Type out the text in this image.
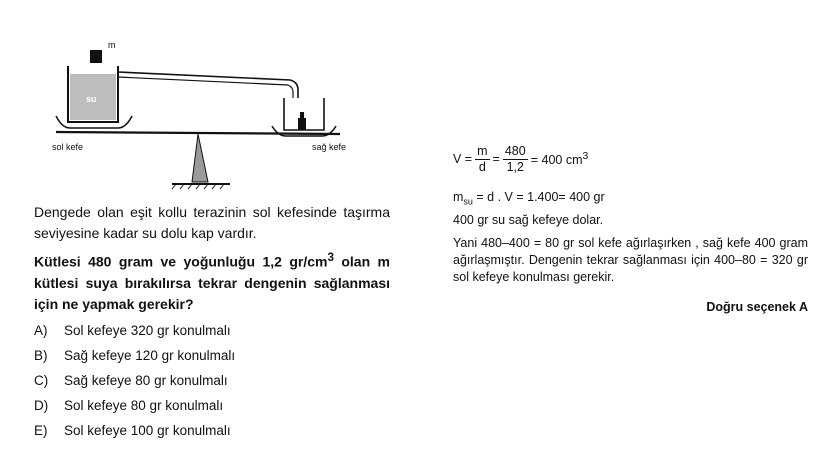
m
su
sol kefe	sağ kefe

Dengede olan eşit kollu terazinin sol kefesinde taşırma seviyesine kadar su dolu kap vardır.

Kütlesi 480 gram ve yoğunluğu 1,2 $gr/cm^3$ olan m kütlesi suya bırakılırsa tekrar dengenin sağlanması için ne yapmak gerekir?

A)	Sol kefeye 320 gr konulmalı
B)	Sağ kefeye 120 gr konulmalı
C)	Sağ kefeye 80 gr konulmalı
D)	Sol kefeye 80 gr konulmalı
E)	Sol kefeye 100 gr konulmalı
$V = \frac{m}{d} = \frac{480}{1,2} = 400$ $cm^3$
$m_{su} = d$ . V = 1.400= 400 gr
400 gr su sağ kefeye dolar.
Yani 480–400 = 80 gr sol kefe ağırlaşırken , sağ kefe 400 gram ağırlaşmıştır. Dengenin tekrar sağlanması için 400–80 = 320 gr sol kefeye konulması gerekir.
Doğru seçenek A
